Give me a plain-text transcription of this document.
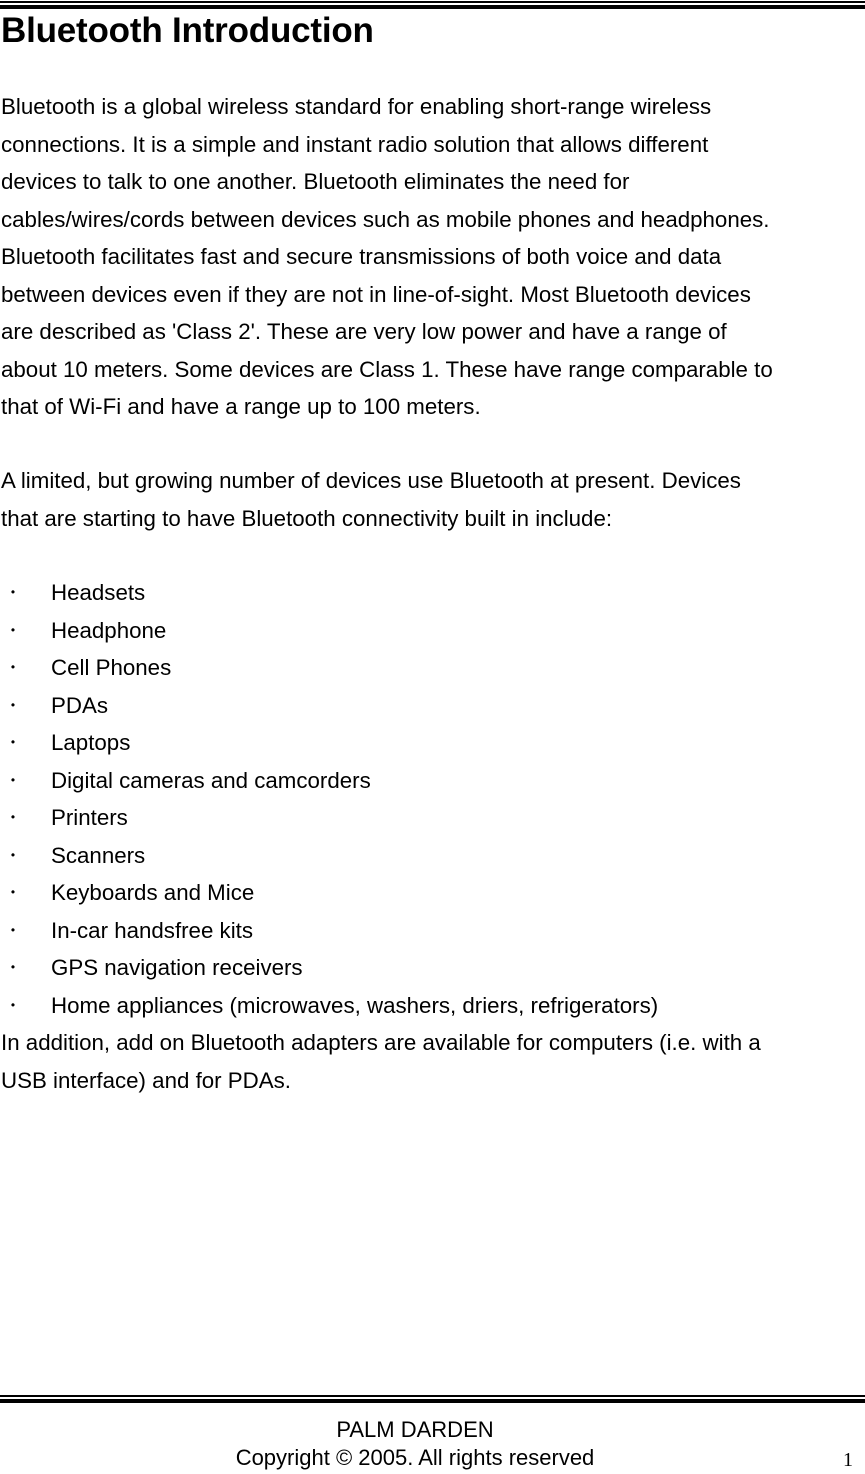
Bluetooth Introduction
Bluetooth is a global wireless standard for enabling short-range wireless
connections. It is a simple and instant radio solution that allows different
devices to talk to one another. Bluetooth eliminates the need for
cables/wires/cords between devices such as mobile phones and headphones.
Bluetooth facilitates fast and secure transmissions of both voice and data
between devices even if they are not in line-of-sight. Most Bluetooth devices
are described as 'Class 2'. These are very low power and have a range of
about 10 meters. Some devices are Class 1. These have range comparable to
that of Wi-Fi and have a range up to 100 meters.
A limited, but growing number of devices use Bluetooth at present. Devices
that are starting to have Bluetooth connectivity built in include:
• Headsets
• Headphone
• Cell Phones
• PDAs
• Laptops
• Digital cameras and camcorders
• Printers
• Scanners
• Keyboards and Mice
• In-car handsfree kits
• GPS navigation receivers
• Home appliances (microwaves, washers, driers, refrigerators)
In addition, add on Bluetooth adapters are available for computers (i.e. with a
USB interface) and for PDAs.
PALM DARDEN
Copyright © 2005. All rights reserved	1
